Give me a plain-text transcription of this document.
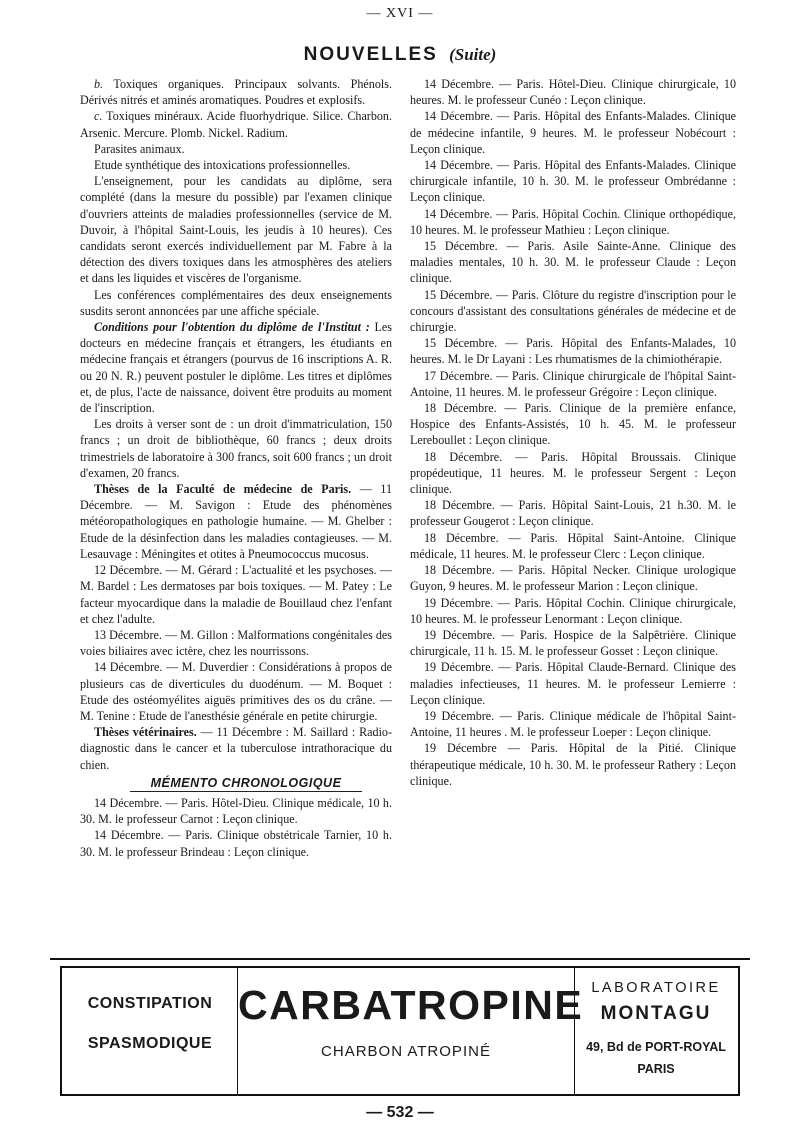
— XVI —
NOUVELLES (Suite)

b. Toxiques organiques. Principaux solvants. Phénols. Dérivés nitrés et aminés aromatiques. Poudres et explosifs.

c. Toxiques minéraux. Acide fluorhydrique. Silice. Charbon. Arsenic. Mercure. Plomb. Nickel. Radium.

Parasites animaux.

Etude synthétique des intoxications professionnelles.

L'enseignement, pour les candidats au diplôme, sera complété (dans la mesure du possible) par l'examen clinique d'ouvriers atteints de maladies professionnelles (service de M. Duvoir, à l'hôpital Saint-Louis, les jeudis à 10 heures). Ces candidats seront exercés individuellement par M. Fabre à la détection des divers toxiques dans les atmosphères des ateliers et dans les liquides et viscères de l'organisme.

Les conférences complémentaires des deux enseignements susdits seront annoncées par une affiche spéciale.

Conditions pour l'obtention du diplôme de l'Institut : Les docteurs en médecine français et étrangers, les étudiants en médecine français et étrangers (pourvus de 16 inscriptions A. R. ou 20 N. R.) peuvent postuler le diplôme. Les titres et diplômes et, de plus, l'acte de naissance, doivent être produits au moment de l'inscription.

Les droits à verser sont de : un droit d'immatriculation, 150 francs ; un droit de bibliothèque, 60 francs ; deux droits trimestriels de laboratoire à 300 francs, soit 600 francs ; un droit d'examen, 20 francs.

Thèses de la Faculté de médecine de Paris. — 11 Décembre. — M. Savigon : Etude des phénomènes météoropathologiques en pathologie humaine. — M. Ghelber : Etude de la désinfection dans les maladies contagieuses. — M. Lesauvage : Méningites et otites à Pneumococcus mucosus.

12 Décembre. — M. Gérard : L'actualité et les psychoses. — M. Bardel : Les dermatoses par bois toxiques. — M. Patey : Le facteur myocardique dans la maladie de Bouillaud chez l'enfant et chez l'adulte.

13 Décembre. — M. Gillon : Malformations congénitales des voies biliaires avec ictère, chez les nourrissons.

14 Décembre. — M. Duverdier : Considérations à propos de plusieurs cas de diverticules du duodénum. — M. Boquet : Etude des ostéomyélites aiguës primitives des os du crâne. — M. Tenine : Etude de l'anesthésie générale en petite chirurgie.

Thèses vétérinaires. — 11 Décembre : M. Saillard : Radio-diagnostic dans le cancer et la tuberculose intrathoracique du chien.

MÉMENTO CHRONOLOGIQUE

14 Décembre. — Paris. Hôtel-Dieu. Clinique médicale, 10 h. 30. M. le professeur Carnot : Leçon clinique.

14 Décembre. — Paris. Clinique obstétricale Tarnier, 10 h. 30. M. le professeur Brindeau : Leçon clinique.

14 Décembre. — Paris. Hôtel-Dieu. Clinique chirurgicale, 10 heures. M. le professeur Cunéo : Leçon clinique.

14 Décembre. — Paris. Hôpital des Enfants-Malades. Clinique de médecine infantile, 9 heures. M. le professeur Nobécourt : Leçon clinique.

14 Décembre. — Paris. Hôpital des Enfants-Malades. Clinique chirurgicale infantile, 10 h. 30. M. le professeur Ombrédanne : Leçon clinique.

14 Décembre. — Paris. Hôpital Cochin. Clinique orthopédique, 10 heures. M. le professeur Mathieu : Leçon clinique.

15 Décembre. — Paris. Asile Sainte-Anne. Clinique des maladies mentales, 10 h. 30. M. le professeur Claude : Leçon clinique.

15 Décembre. — Paris. Clôture du registre d'inscription pour le concours d'assistant des consultations générales de médecine et de chirurgie.

15 Décembre. — Paris. Hôpital des Enfants-Malades, 10 heures. M. le Dr Layani : Les rhumatismes de la chimiothérapie.

17 Décembre. — Paris. Clinique chirurgicale de l'hôpital Saint-Antoine, 11 heures. M. le professeur Grégoire : Leçon clinique.

18 Décembre. — Paris. Clinique de la première enfance, Hospice des Enfants-Assistés, 10 h. 45. M. le professeur Lereboullet : Leçon clinique.

18 Décembre. — Paris. Hôpital Broussais. Clinique propédeutique, 11 heures. M. le professeur Sergent : Leçon clinique.

18 Décembre. — Paris. Hôpital Saint-Louis, 21 h.30. M. le professeur Gougerot : Leçon clinique.

18 Décembre. — Paris. Hôpital Saint-Antoine. Clinique médicale, 11 heures. M. le professeur Clerc : Leçon clinique.

18 Décembre. — Paris. Hôpital Necker. Clinique urologique Guyon, 9 heures. M. le professeur Marion : Leçon clinique.

19 Décembre. — Paris. Hôpital Cochin. Clinique chirurgicale, 10 heures. M. le professeur Lenormant : Leçon clinique.

19 Décembre. — Paris. Hospice de la Salpêtrière. Clinique chirurgicale, 11 h. 15. M. le professeur Gosset : Leçon clinique.

19 Décembre. — Paris. Hôpital Claude-Bernard. Clinique des maladies infectieuses, 11 heures. M. le professeur Lemierre : Leçon clinique.

19 Décembre. — Paris. Clinique médicale de l'hôpital Saint-Antoine, 11 heures . M. le professeur Loeper : Leçon clinique.

19 Décembre — Paris. Hôpital de la Pitié. Clinique thérapeutique médicale, 10 h. 30. M. le professeur Rathery : Leçon clinique.

CONSTIPATION
SPASMODIQUE
CARBATROPINE
CHARBON ATROPINÉ
LABORATOIRE
MONTAGU
49, Bd de PORT-ROYAL
PARIS
— 532 —
